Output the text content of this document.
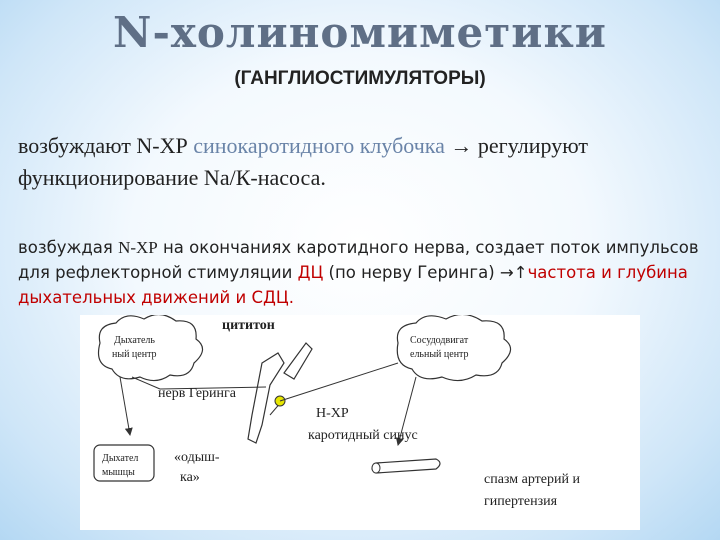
N-холиномиметики
(ГАНГЛИОСТИМУЛЯТОРЫ)
возбуждают N-ХР синокаротидного клубочка → регулируют функционирование Na/К-насоса.
возбуждая N-ХР на окончаниях каротидного нерва, создает поток импульсов для рефлекторной стимуляции ДЦ (по нерву Геринга) →↑частота и глубина дыхательных движений и СДЦ.
Дыхатель
ный центр
Сосудодвигат
ельный центр
цититон
нерв Геринга
Н-ХР
каротидный синус
Дыхател
мышцы
«одыш-
ка»	спазм артерий и
гипертензия
